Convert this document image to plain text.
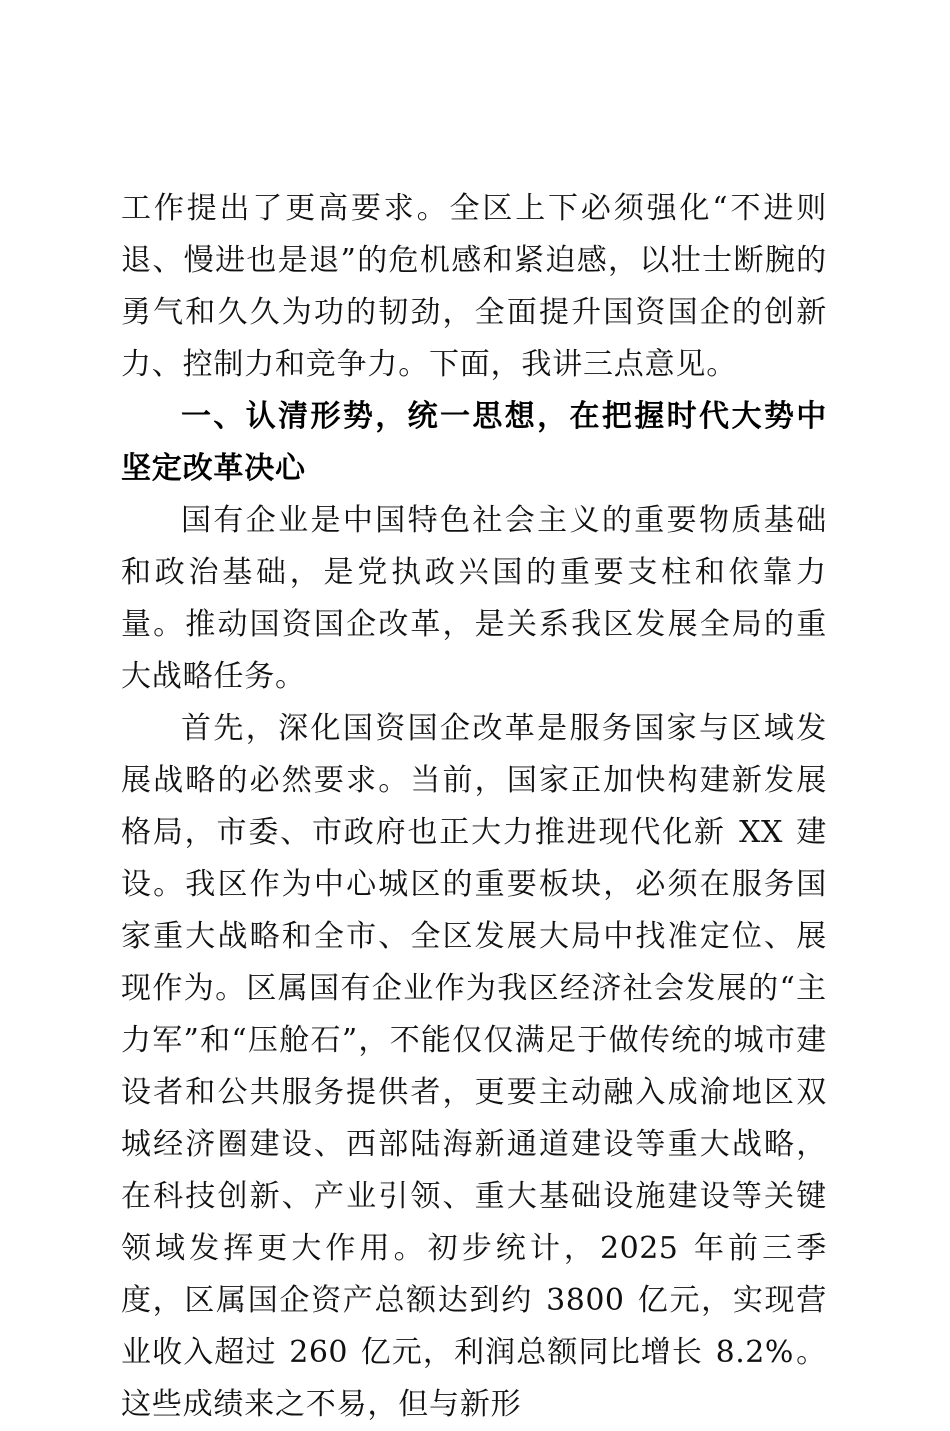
工作提出了更高要求。全区上下必须强化“不进则退、慢进也是退”的危机感和紧迫感，以壮士断腕的勇气和久久为功的韧劲，全面提升国资国企的创新力、控制力和竞争力。下面，我讲三点意见。

一、认清形势，统一思想，在把握时代大势中坚定改革决心

国有企业是中国特色社会主义的重要物质基础和政治基础，是党执政兴国的重要支柱和依靠力量。推动国资国企改革，是关系我区发展全局的重大战略任务。

首先，深化国资国企改革是服务国家与区域发展战略的必然要求。当前，国家正加快构建新发展格局，市委、市政府也正大力推进现代化新 XX 建设。我区作为中心城区的重要板块，必须在服务国家重大战略和全市、全区发展大局中找准定位、展现作为。区属国有企业作为我区经济社会发展的“主力军”和“压舱石”，不能仅仅满足于做传统的城市建设者和公共服务提供者，更要主动融入成渝地区双城经济圈建设、西部陆海新通道建设等重大战略，在科技创新、产业引领、重大基础设施建设等关键领域发挥更大作用。初步统计，2025 年前三季度，区属国企资产总额达到约 3800 亿元，实现营业收入超过 260 亿元，利润总额同比增长 8.2%。这些成绩来之不易，但与新形
